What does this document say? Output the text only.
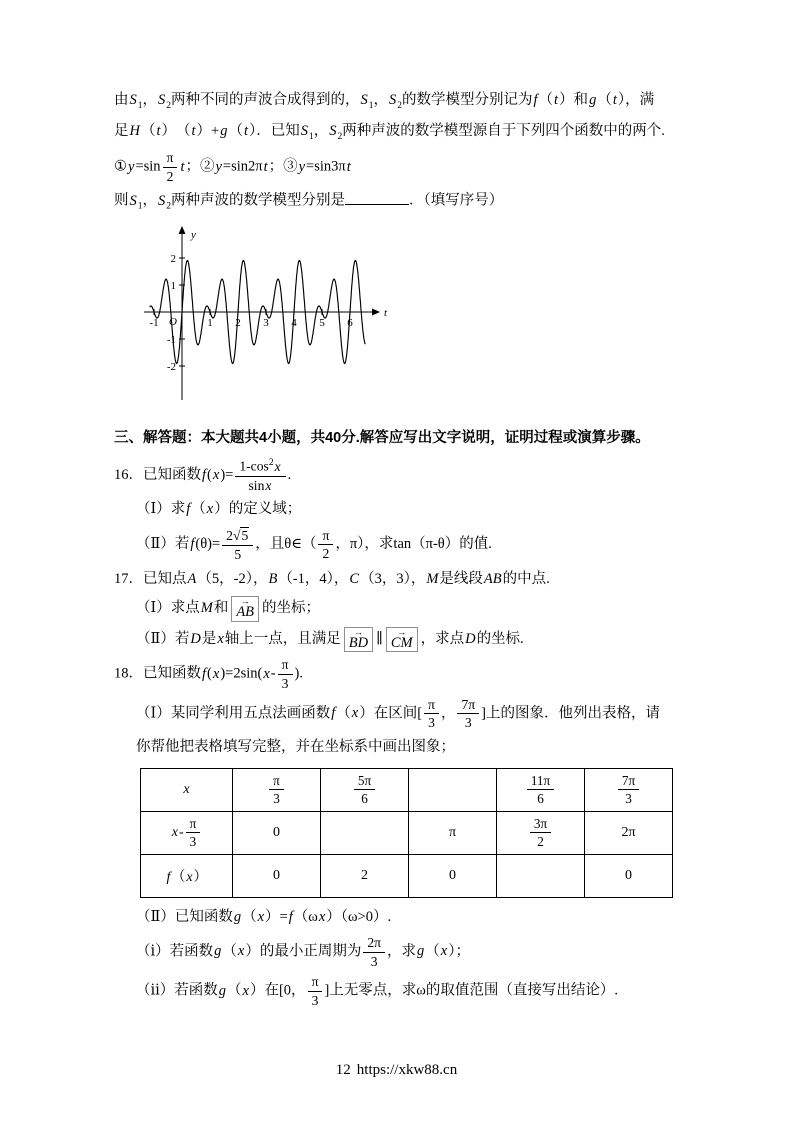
由$S_1$，$S_2$两种不同的声波合成得到的，$S_1$，$S_2$的数学模型分别记为f（t）和g（t），满
足H（t）　（t）+g（t）．已知$S_1$，$S_2$两种声波的数学模型源自于下列四个函数中的两个.
①y=sin $\frac{\pi}{2}$ t；②y=sin2πt；③y=sin3πt
则$S_1$，$S_2$两种声波的数学模型分别是	．（填写序号）
y
t
O
2
1
-1
-2
-1	1 2 3 4 5 6
三、解答题：本大题共4小题，共40分.解答应写出文字说明，证明过程或演算步骤。
16．已知函数$f(x)= \frac{1-\cos^2x}{\sin x}$ .
（Ⅰ）求f（x）的定义域；
（Ⅱ）若$f(\theta)= \frac{2√5}{5}$ ，且θ∈（ $\frac{\pi}{2}$ ，π），求tan（π-θ）的值.
17．已知点A（5，-2），B（-1，4），C（3，3），M是线段AB的中点.
（Ⅰ）求点M和	→
AB 的坐标；
（Ⅱ）若D是x轴上一点，且满足	→
BD ∥	→
CM ，求点D的坐标.
18．已知函数$f(x)=2\sin(x- \frac{\pi}{3}$ ).
（Ⅰ）某同学利用五点法画函数f（x）在区间[ $\frac{\pi}{3}$ ， $\frac{7\pi}{3}$ ]上的图象．他列出表格，请
你帮他把表格填写完整，并在坐标系中画出图象；
x	$\frac{\pi}{3}$	$\frac{5\pi}{6}$		$\frac{11\pi}{6}$	$\frac{7\pi}{3}$

$x- \frac{\pi}{3}$	0		π	$\frac{3\pi}{2}$	2π
f（x）	0	2	0		0
（Ⅱ）已知函数g（x）=f（ωx）（ω>0）.
（ⅰ）若函数g（x）的最小正周期为 $\frac{2\pi}{3}$ ，求g（x）；
（ⅱ）若函数g（x）在[0， $\frac{\pi}{3}$ ]上无零点，求ω的取值范围（直接写出结论）.
12 https://xkw88.cn
